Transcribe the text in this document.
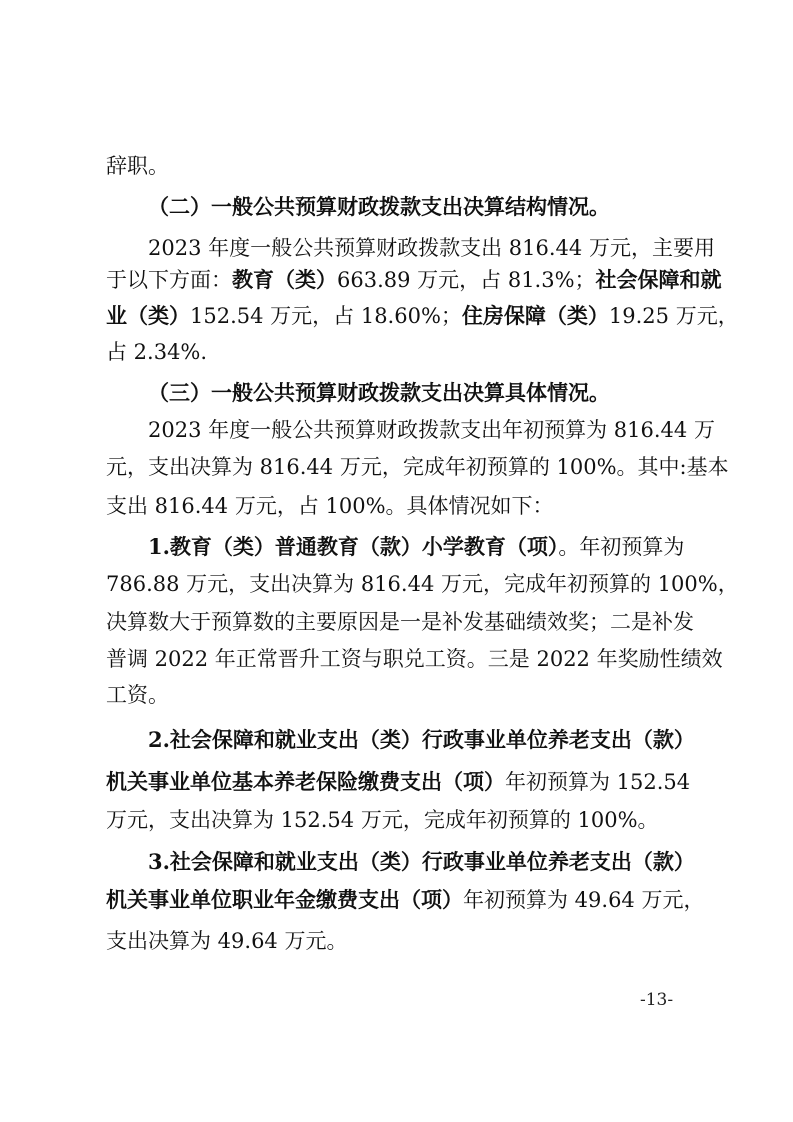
辞职。
（二）一般公共预算财政拨款支出决算结构情况。
2023 年度一般公共预算财政拨款支出 816.44 万元，主要用
于以下方面：教育（类）663.89 万元，占 81.3%；社会保障和就
业（类）152.54 万元，占 18.60%；住房保障（类）19.25 万元，
占 2.34%.
（三）一般公共预算财政拨款支出决算具体情况。
2023 年度一般公共预算财政拨款支出年初预算为 816.44 万
元，支出决算为 816.44 万元，完成年初预算的 100%。其中:基本
支出 816.44 万元，占 100%。具体情况如下：
1.教育（类）普通教育（款）小学教育（项）。年初预算为
786.88 万元，支出决算为 816.44 万元，完成年初预算的 100%，
决算数大于预算数的主要原因是一是补发基础绩效奖；二是补发
普调 2022 年正常晋升工资与职兑工资。三是 2022 年奖励性绩效
工资。
2.社会保障和就业支出（类）行政事业单位养老支出（款）
机关事业单位基本养老保险缴费支出（项）年初预算为 152.54
万元，支出决算为 152.54 万元，完成年初预算的 100%。
3.社会保障和就业支出（类）行政事业单位养老支出（款）
机关事业单位职业年金缴费支出（项）年初预算为 49.64 万元，
支出决算为 49.64 万元。
-13-
